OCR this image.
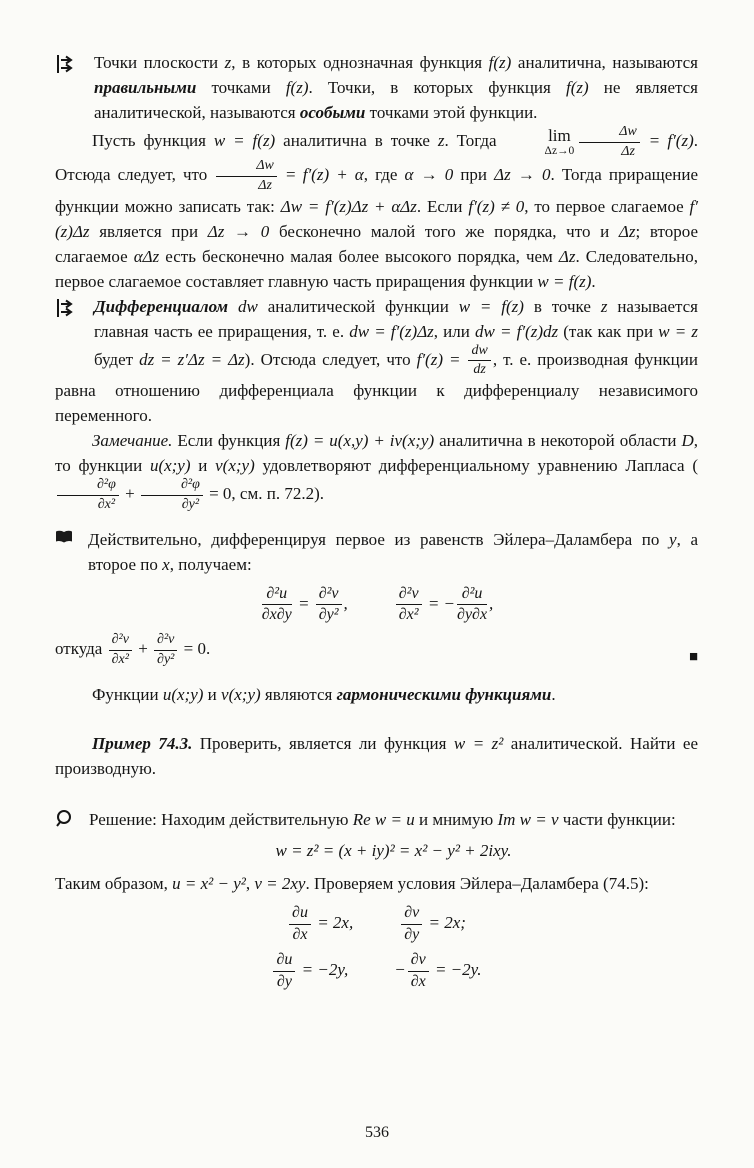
Точки плоскости z, в которых однозначная функция f(z) аналитична, называются правильными точками f(z). Точки, в которых функция f(z) не является аналитической, называются особыми точками этой функции.

Пусть функция w = f(z) аналитична в точке z. Тогда	lim
$\Delta z\to 0 \frac{\Delta w}{\Delta z} = f'(z)$. Отсюда следует, что $\frac{\Delta w}{\Delta z} = f'(z) + \alpha$, где α → 0 при Δz → 0. Тогда приращение функции можно записать так: Δw = f′(z)Δz + αΔz. Если f′(z) ≠ 0, то первое слагаемое f′(z)Δz является при Δz → 0 бесконечно малой того же порядка, что и Δz; второе слагаемое αΔz есть бесконечно малая более высокого порядка, чем Δz. Следовательно, первое слагаемое составляет главную часть приращения функции w = f(z).

Дифференциалом dw аналитической функции w = f(z) в точке z называется главная часть ее приращения, т. е. dw = f′(z)Δz, или dw = f′(z)dz (так как при w = z будет dz = z′Δz = Δz). Отсюда следует, что $f'(z) = \frac{dw}{dz}$ , т. е. производная функции равна отношению дифференциала функции к дифференциалу независимого переменного.

Замечание. Если функция f(z) = u(x,y) + iv(x;y) аналитична в некоторой области D, то функции u(x;y) и v(x;y) удовлетворяют дифференциальному уравнению Лапласа (
$\frac{\text{∂²φ}}{\text{∂x²}} + \frac{\text{∂²φ}}{\text{∂y²}} = 0$, см. п. 72.2).

Действительно, дифференцируя первое из равенств Эйлера–Даламбера по y, а второе по x, получаем:

$\frac{\text{∂²u}}{\partial x\partial y} = \frac{\text{∂²v}}{\text{∂y²}}$ ,	$\frac{\text{∂²v}}{\text{∂x²}}$ = − $\frac{\text{∂²u}}{\partial y\partial x}$ ,

■
откуда $\frac{\text{∂²v}}{\text{∂x²}} + \frac{\text{∂²v}}{\text{∂y²}} = 0$.

Функции u(x;y) и v(x;y) являются гармоническими функциями.

Пример 74.3. Проверить, является ли функция w = z² аналитической. Найти ее производную.

Решение: Находим действительную Re w = u и мнимую Im w = v части функции:

w = z² = (x + iy)² = x² − y² + 2ixy.

Таким образом, u = x² − y², v = 2xy. Проверяем условия Эйлера–Даламбера (74.5):

$\frac{\partial u}{\partial x} = 2x$,	$\frac{\partial v}{\partial y} = 2x$;
$\frac{\partial u}{\partial y} = -2y$,	− $\frac{\partial v}{\partial x} = -2y$.
536
